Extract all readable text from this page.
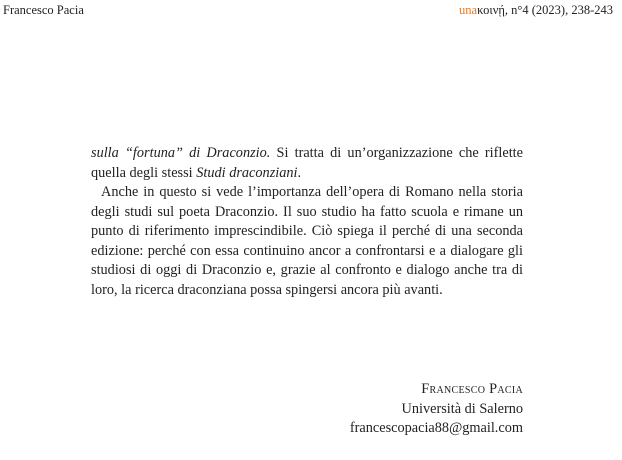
Francesco Pacia	unaκοινῄ, n°4 (2023), 238-243

sulla “fortuna” di Draconzio. Si tratta di un’organizzazione che riflette quella degli stessi Studi draconziani.

Anche in questo si vede l’importanza dell’opera di Romano nella storia degli studi sul poeta Draconzio. Il suo studio ha fatto scuola e rimane un punto di riferimento imprescindibile. Ciò spiega il perché di una seconda edizione: perché con essa continuino ancor a confrontarsi e a dialogare gli studiosi di oggi di Draconzio e, grazie al confronto e dialogo anche tra di loro, la ricerca draconziana possa spingersi ancora più avanti.

Francesco Pacia
Università di Salerno
francescopacia88@gmail.com
